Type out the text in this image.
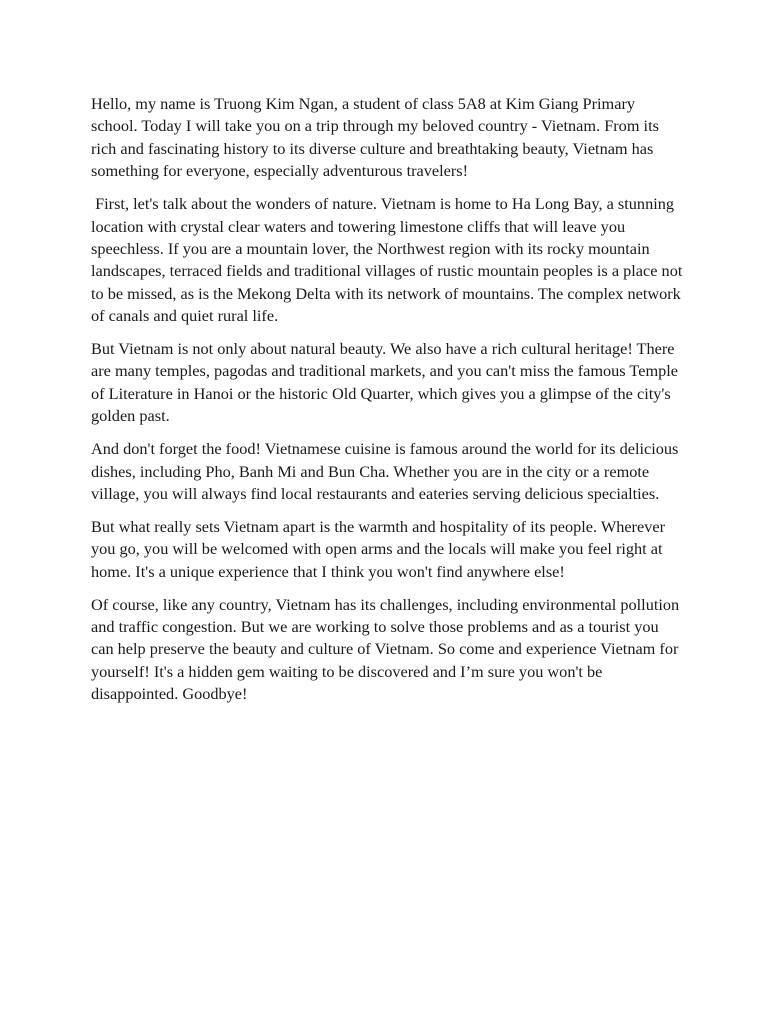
Hello, my name is Truong Kim Ngan, a student of class 5A8 at Kim Giang Primary school. Today I will take you on a trip through my beloved country - Vietnam. From its rich and fascinating history to its diverse culture and breathtaking beauty, Vietnam has something for everyone, especially adventurous travelers!

First, let's talk about the wonders of nature. Vietnam is home to Ha Long Bay, a stunning location with crystal clear waters and towering limestone cliffs that will leave you speechless. If you are a mountain lover, the Northwest region with its rocky mountain landscapes, terraced fields and traditional villages of rustic mountain peoples is a place not to be missed, as is the Mekong Delta with its network of mountains. The complex network of canals and quiet rural life.

But Vietnam is not only about natural beauty. We also have a rich cultural heritage! There are many temples, pagodas and traditional markets, and you can't miss the famous Temple of Literature in Hanoi or the historic Old Quarter, which gives you a glimpse of the city's golden past.

And don't forget the food! Vietnamese cuisine is famous around the world for its delicious dishes, including Pho, Banh Mi and Bun Cha. Whether you are in the city or a remote village, you will always find local restaurants and eateries serving delicious specialties.

But what really sets Vietnam apart is the warmth and hospitality of its people. Wherever you go, you will be welcomed with open arms and the locals will make you feel right at home. It's a unique experience that I think you won't find anywhere else!

Of course, like any country, Vietnam has its challenges, including environmental pollution and traffic congestion. But we are working to solve those problems and as a tourist you can help preserve the beauty and culture of Vietnam. So come and experience Vietnam for yourself! It's a hidden gem waiting to be discovered and I’m sure you won't be disappointed. Goodbye!
